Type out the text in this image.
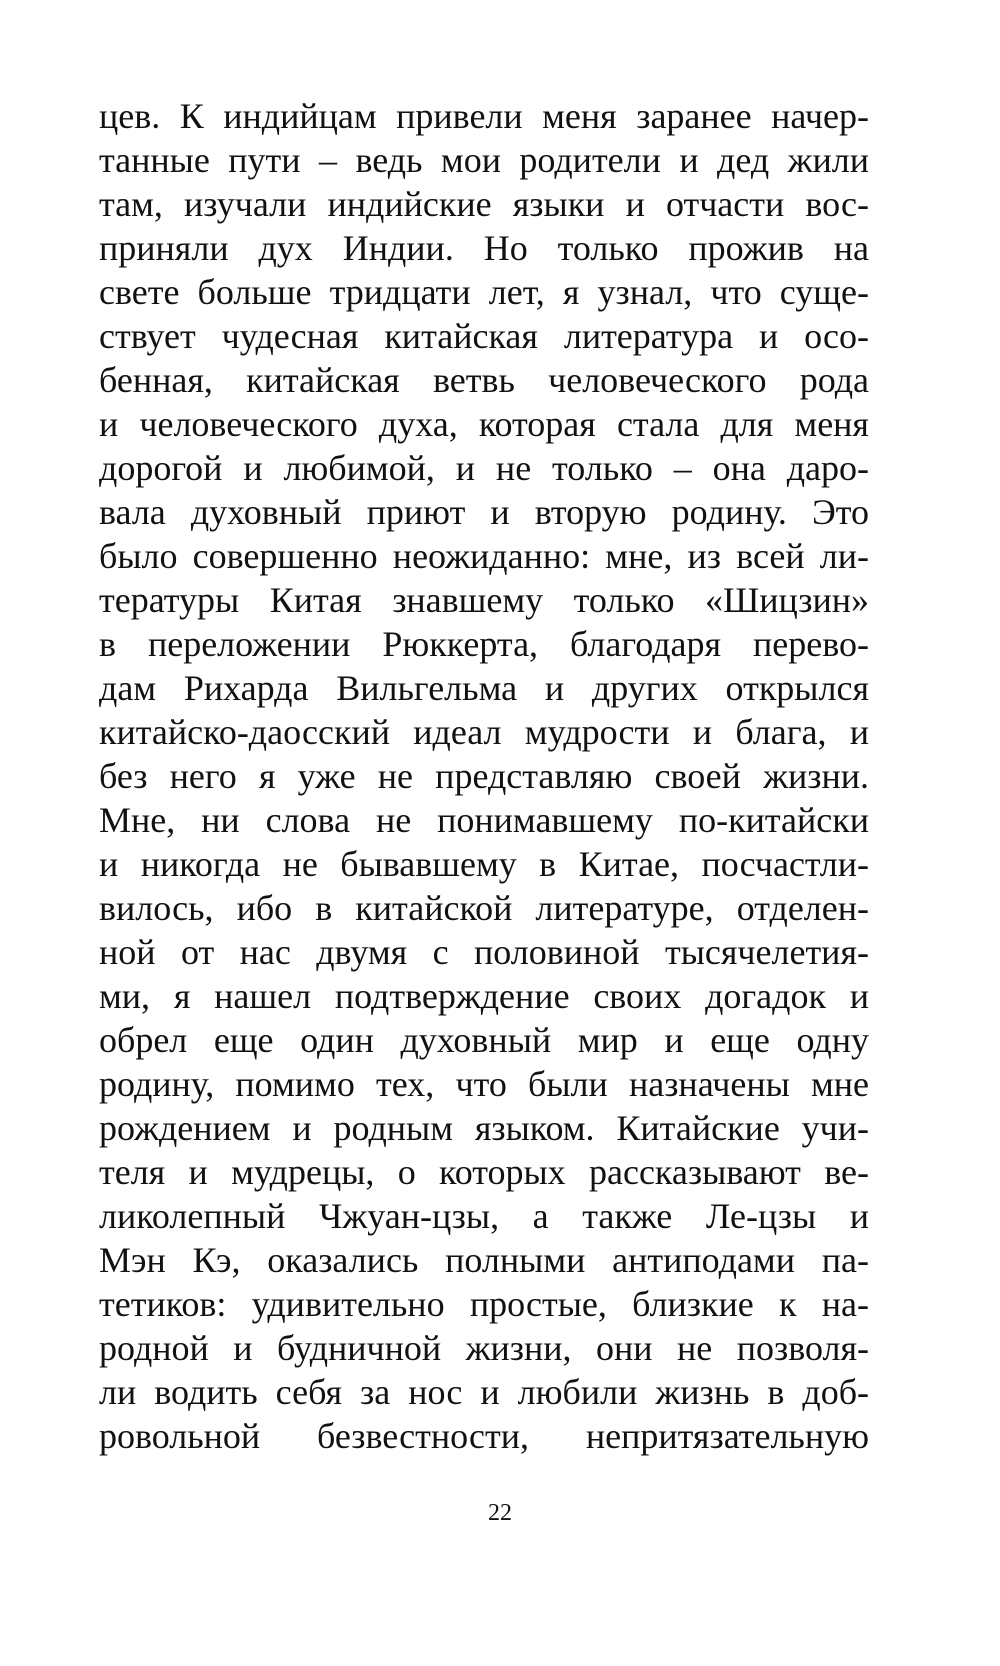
цев. К индийцам привели меня заранее начер-
танные пути – ведь мои родители и дед жили
там, изучали индийские языки и отчасти вос-
приняли дух Индии. Но только прожив на
свете больше тридцати лет, я узнал, что суще-
ствует чудесная китайская литература и осо-
бенная, китайская ветвь человеческого рода
и человеческого духа, которая стала для меня
дорогой и любимой, и не только – она даро-
вала духовный приют и вторую родину. Это
было совершенно неожиданно: мне, из всей ли-
тературы Китая знавшему только «Шицзин»
в переложении Рюккерта, благодаря перево-
дам Рихарда Вильгельма и других открылся
китайско-даосский идеал мудрости и блага, и
без него я уже не представляю своей жизни.
Мне, ни слова не понимавшему по-китайски
и никогда не бывавшему в Китае, посчастли-
вилось, ибо в китайской литературе, отделен-
ной от нас двумя с половиной тысячелетия-
ми, я нашел подтверждение своих догадок и
обрел еще один духовный мир и еще одну
родину, помимо тех, что были назначены мне
рождением и родным языком. Китайские учи-
теля и мудрецы, о которых рассказывают ве-
ликолепный Чжуан-цзы, а также Ле-цзы и
Мэн Кэ, оказались полными антиподами па-
тетиков: удивительно простые, близкие к на-
родной и будничной жизни, они не позволя-
ли водить себя за нос и любили жизнь в доб-
ровольной безвестности, непритязательную
22
